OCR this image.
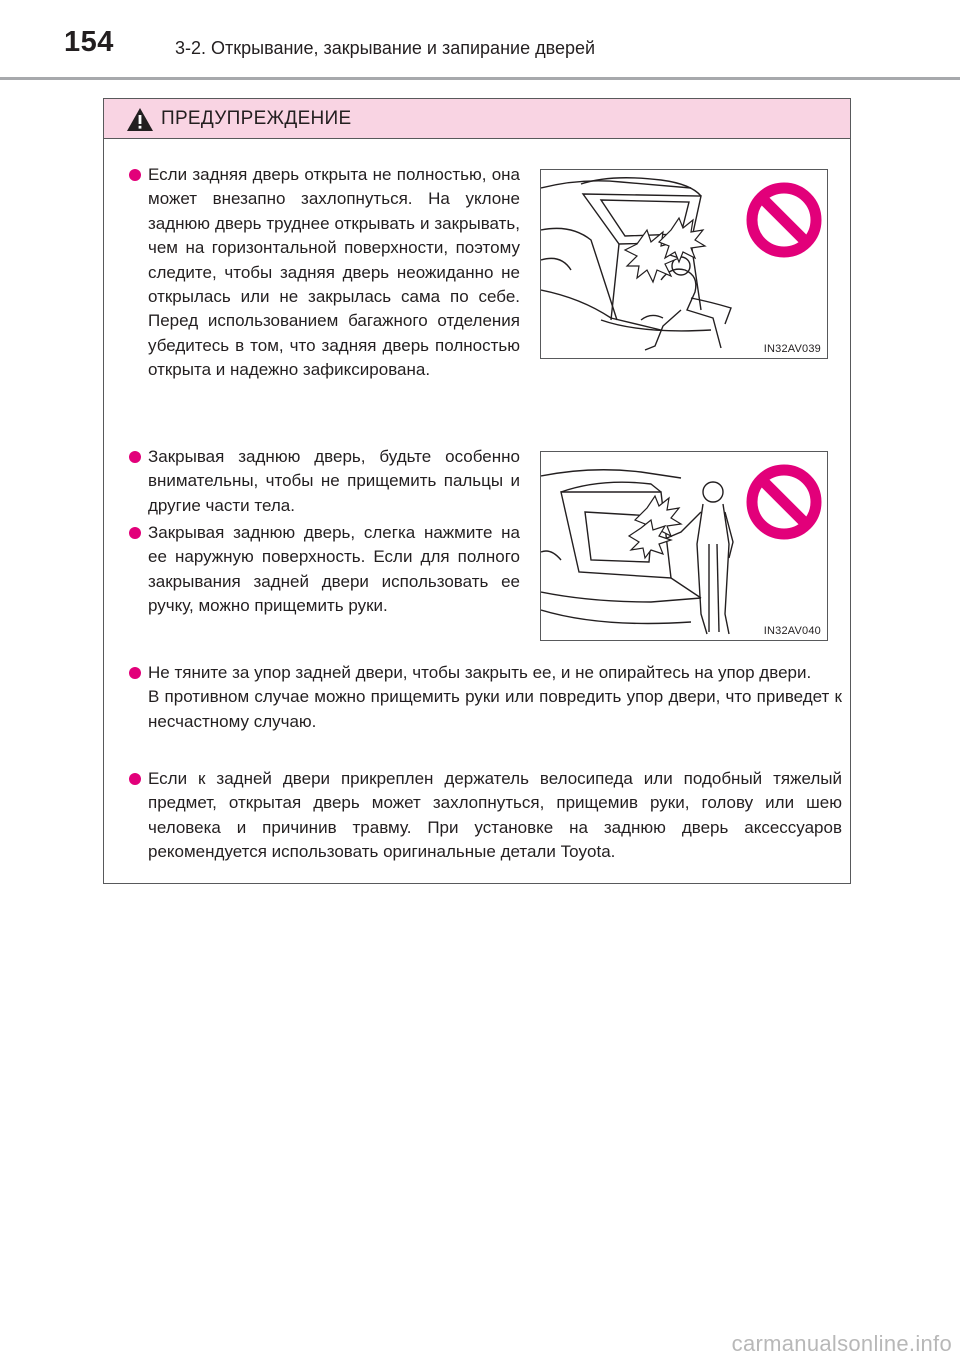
154	3-2. Открывание, закрывание и запирание дверей
ПРЕДУПРЕЖДЕНИЕ

Если задняя дверь открыта не полностью, она может внезапно захлопнуться. На уклоне заднюю дверь труднее открывать и закрывать, чем на горизонтальной поверхности, поэтому следите, чтобы задняя дверь неожиданно не открылась или не закрылась сама по себе. Перед использованием багажного отделения убедитесь в том, что задняя дверь полностью открыта и надежно зафиксирована.

IN32AV039

Закрывая заднюю дверь, будьте особенно внимательны, чтобы не прищемить пальцы и другие части тела.

Закрывая заднюю дверь, слегка нажмите на ее наружную поверхность. Если для полного закрывания задней двери использовать ее ручку, можно прищемить руки.

IN32AV040

Не тяните за упор задней двери, чтобы закрыть ее, и не опирайтесь на упор двери.

В противном случае можно прищемить руки или повредить упор двери, что приведет к несчастному случаю.

Если к задней двери прикреплен держатель велосипеда или подобный тяжелый предмет, открытая дверь может захлопнуться, прищемив руки, голову или шею человека и причинив травму. При установке на заднюю дверь аксессуаров рекомендуется использовать оригинальные детали Toyota.

carmanualsonline.info
